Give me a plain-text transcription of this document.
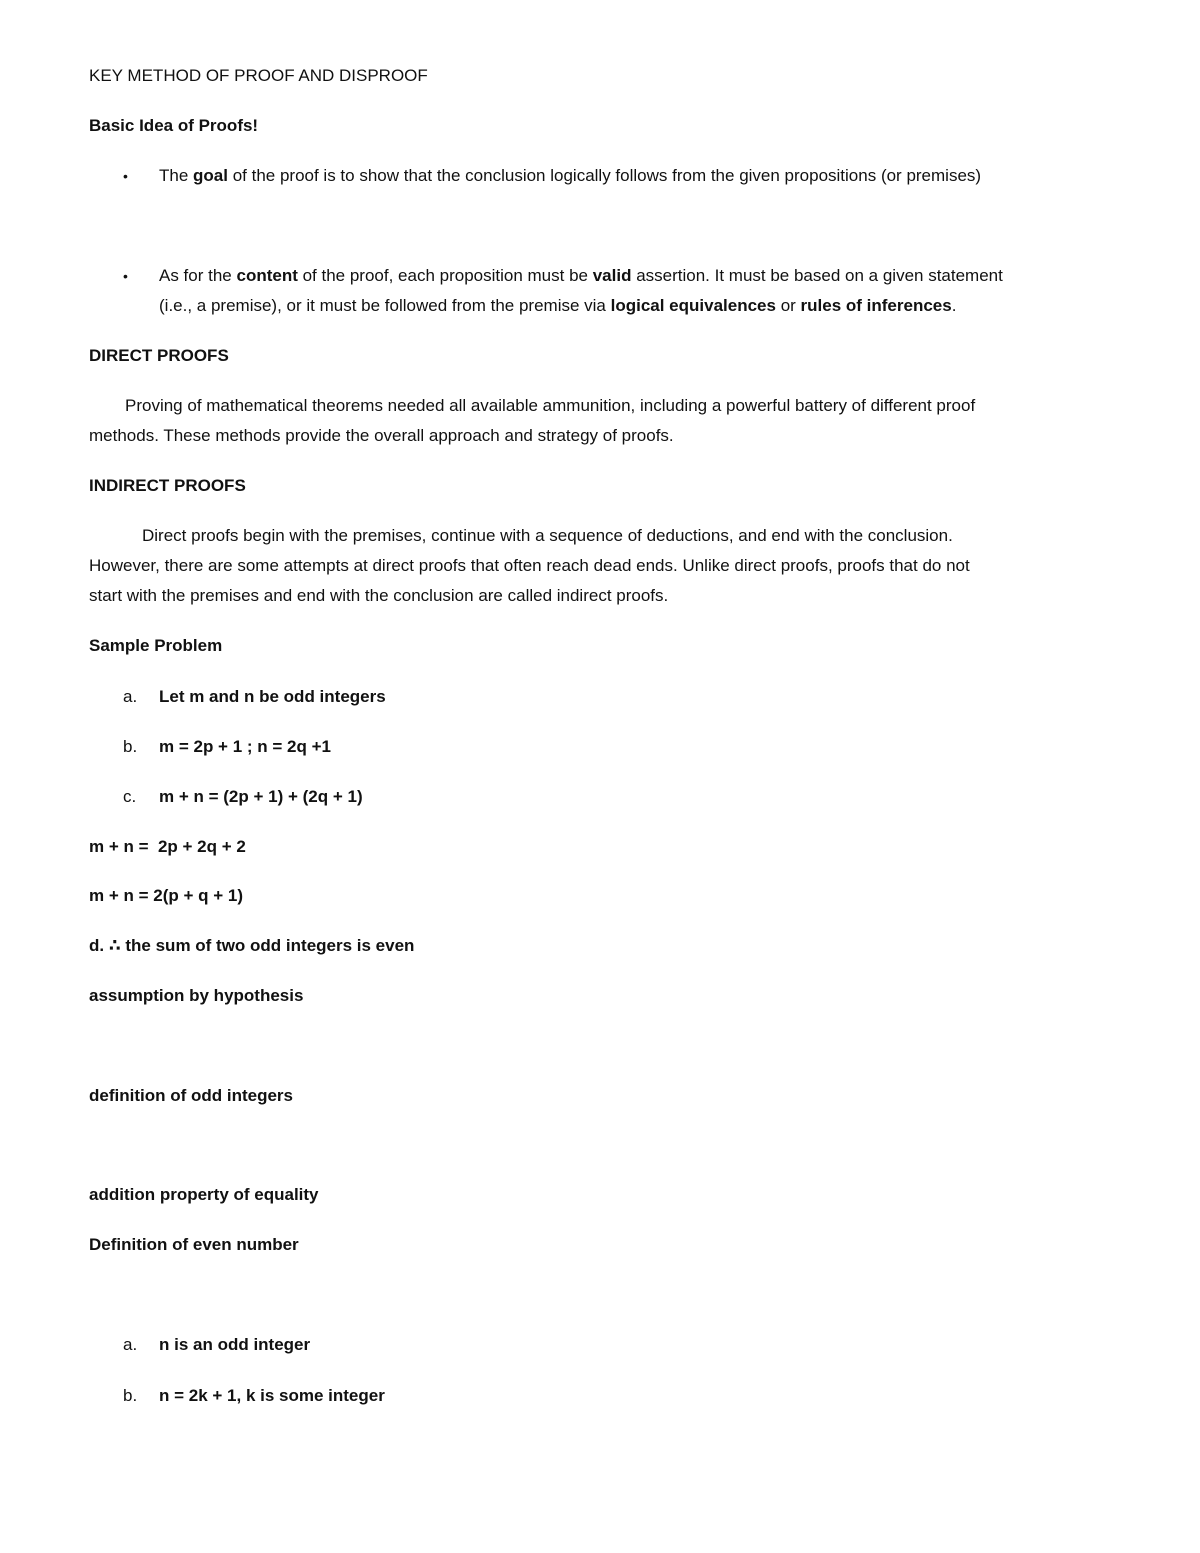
KEY METHOD OF PROOF AND DISPROOF
Basic Idea of Proofs!
• The goal of the proof is to show that the conclusion logically follows from the given propositions (or premises)
• As for the content of the proof, each proposition must be valid assertion. It must be based on a given statement
(i.e., a premise), or it must be followed from the premise via logical equivalences or rules of inferences.
DIRECT PROOFS
Proving of mathematical theorems needed all available ammunition, including a powerful battery of different proof
methods. These methods provide the overall approach and strategy of proofs.
INDIRECT PROOFS
Direct proofs begin with the premises, continue with a sequence of deductions, and end with the conclusion.
However, there are some attempts at direct proofs that often reach dead ends. Unlike direct proofs, proofs that do not
start with the premises and end with the conclusion are called indirect proofs.
Sample Problem
a. Let m and n be odd integers
b. m = 2p + 1 ; n = 2q +1
c. m + n = (2p + 1) + (2q + 1)
m + n =  2p + 2q + 2
m + n = 2(p + q + 1)
d. ∴ the sum of two odd integers is even
assumption by hypothesis
definition of odd integers
addition property of equality
Definition of even number
a. n is an odd integer
b. n = 2k + 1, k is some integer
